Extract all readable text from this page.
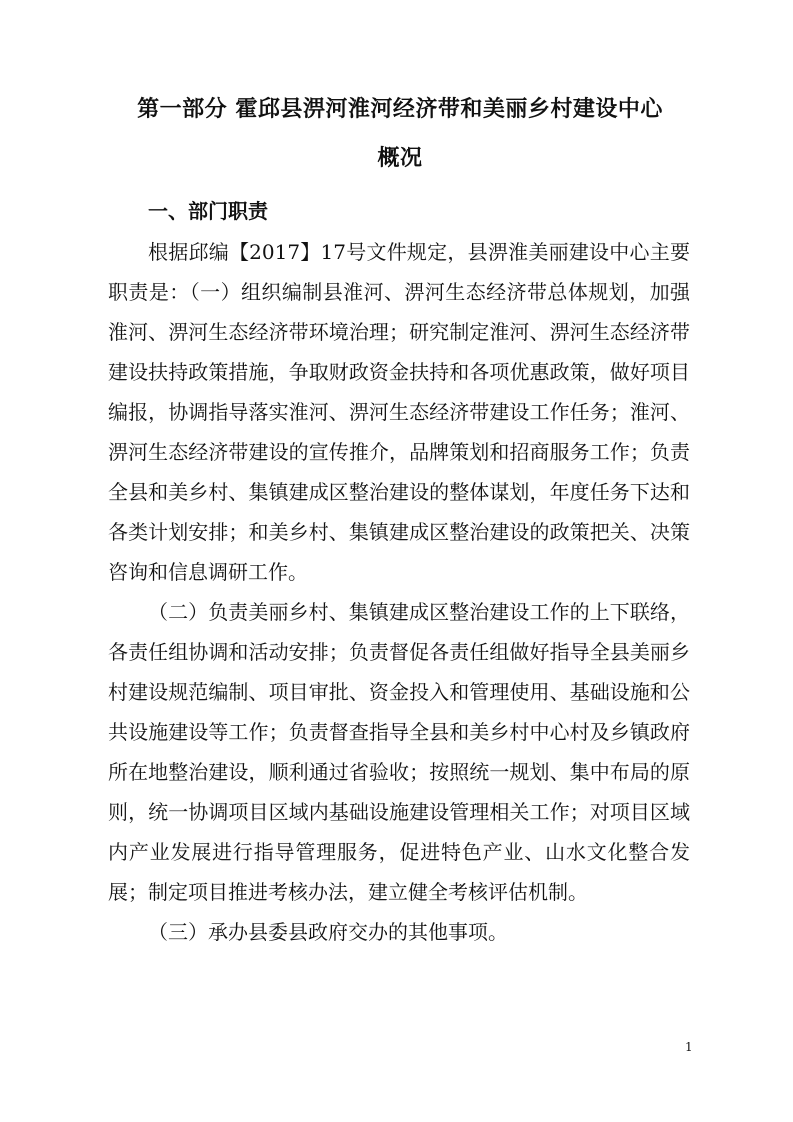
第一部分 霍邱县淠河淮河经济带和美丽乡村建设中心
概况
一、部门职责

根据邱编【2017】17号文件规定，县淠淮美丽建设中心主要职责是：（一）组织编制县淮河、淠河生态经济带总体规划，加强淮河、淠河生态经济带环境治理；研究制定淮河、淠河生态经济带建设扶持政策措施，争取财政资金扶持和各项优惠政策，做好项目编报，协调指导落实淮河、淠河生态经济带建设工作任务；淮河、淠河生态经济带建设的宣传推介，品牌策划和招商服务工作；负责全县和美乡村、集镇建成区整治建设的整体谋划，年度任务下达和各类计划安排；和美乡村、集镇建成区整治建设的政策把关、决策咨询和信息调研工作。

（二）负责美丽乡村、集镇建成区整治建设工作的上下联络，各责任组协调和活动安排；负责督促各责任组做好指导全县美丽乡村建设规范编制、项目审批、资金投入和管理使用、基础设施和公共设施建设等工作；负责督查指导全县和美乡村中心村及乡镇政府所在地整治建设，顺利通过省验收；按照统一规划、集中布局的原则，统一协调项目区域内基础设施建设管理相关工作；对项目区域内产业发展进行指导管理服务，促进特色产业、山水文化整合发展；制定项目推进考核办法，建立健全考核评估机制。

（三）承办县委县政府交办的其他事项。

1
